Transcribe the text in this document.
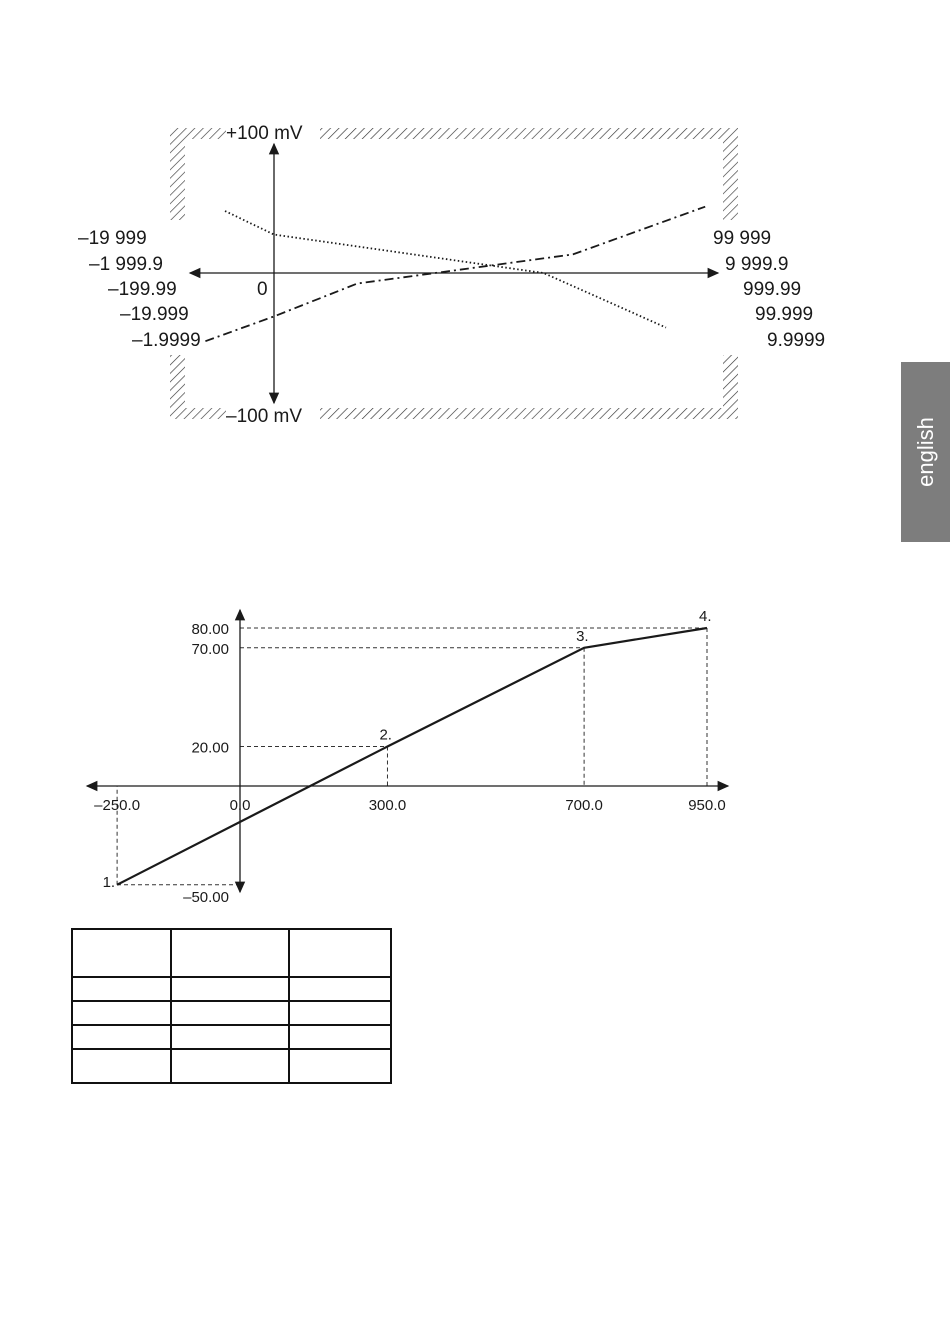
+100 mV
–100 mV
0
–19 999
–1 999.9
–199.99
–19.999
–1.9999
99 999
9 999.9
999.99
99.999
9.9999
english
–250.0	0.0	300.0	700.0	950.0
80.00
70.00
20.00
–50.00
1.
2.
3.
4.
